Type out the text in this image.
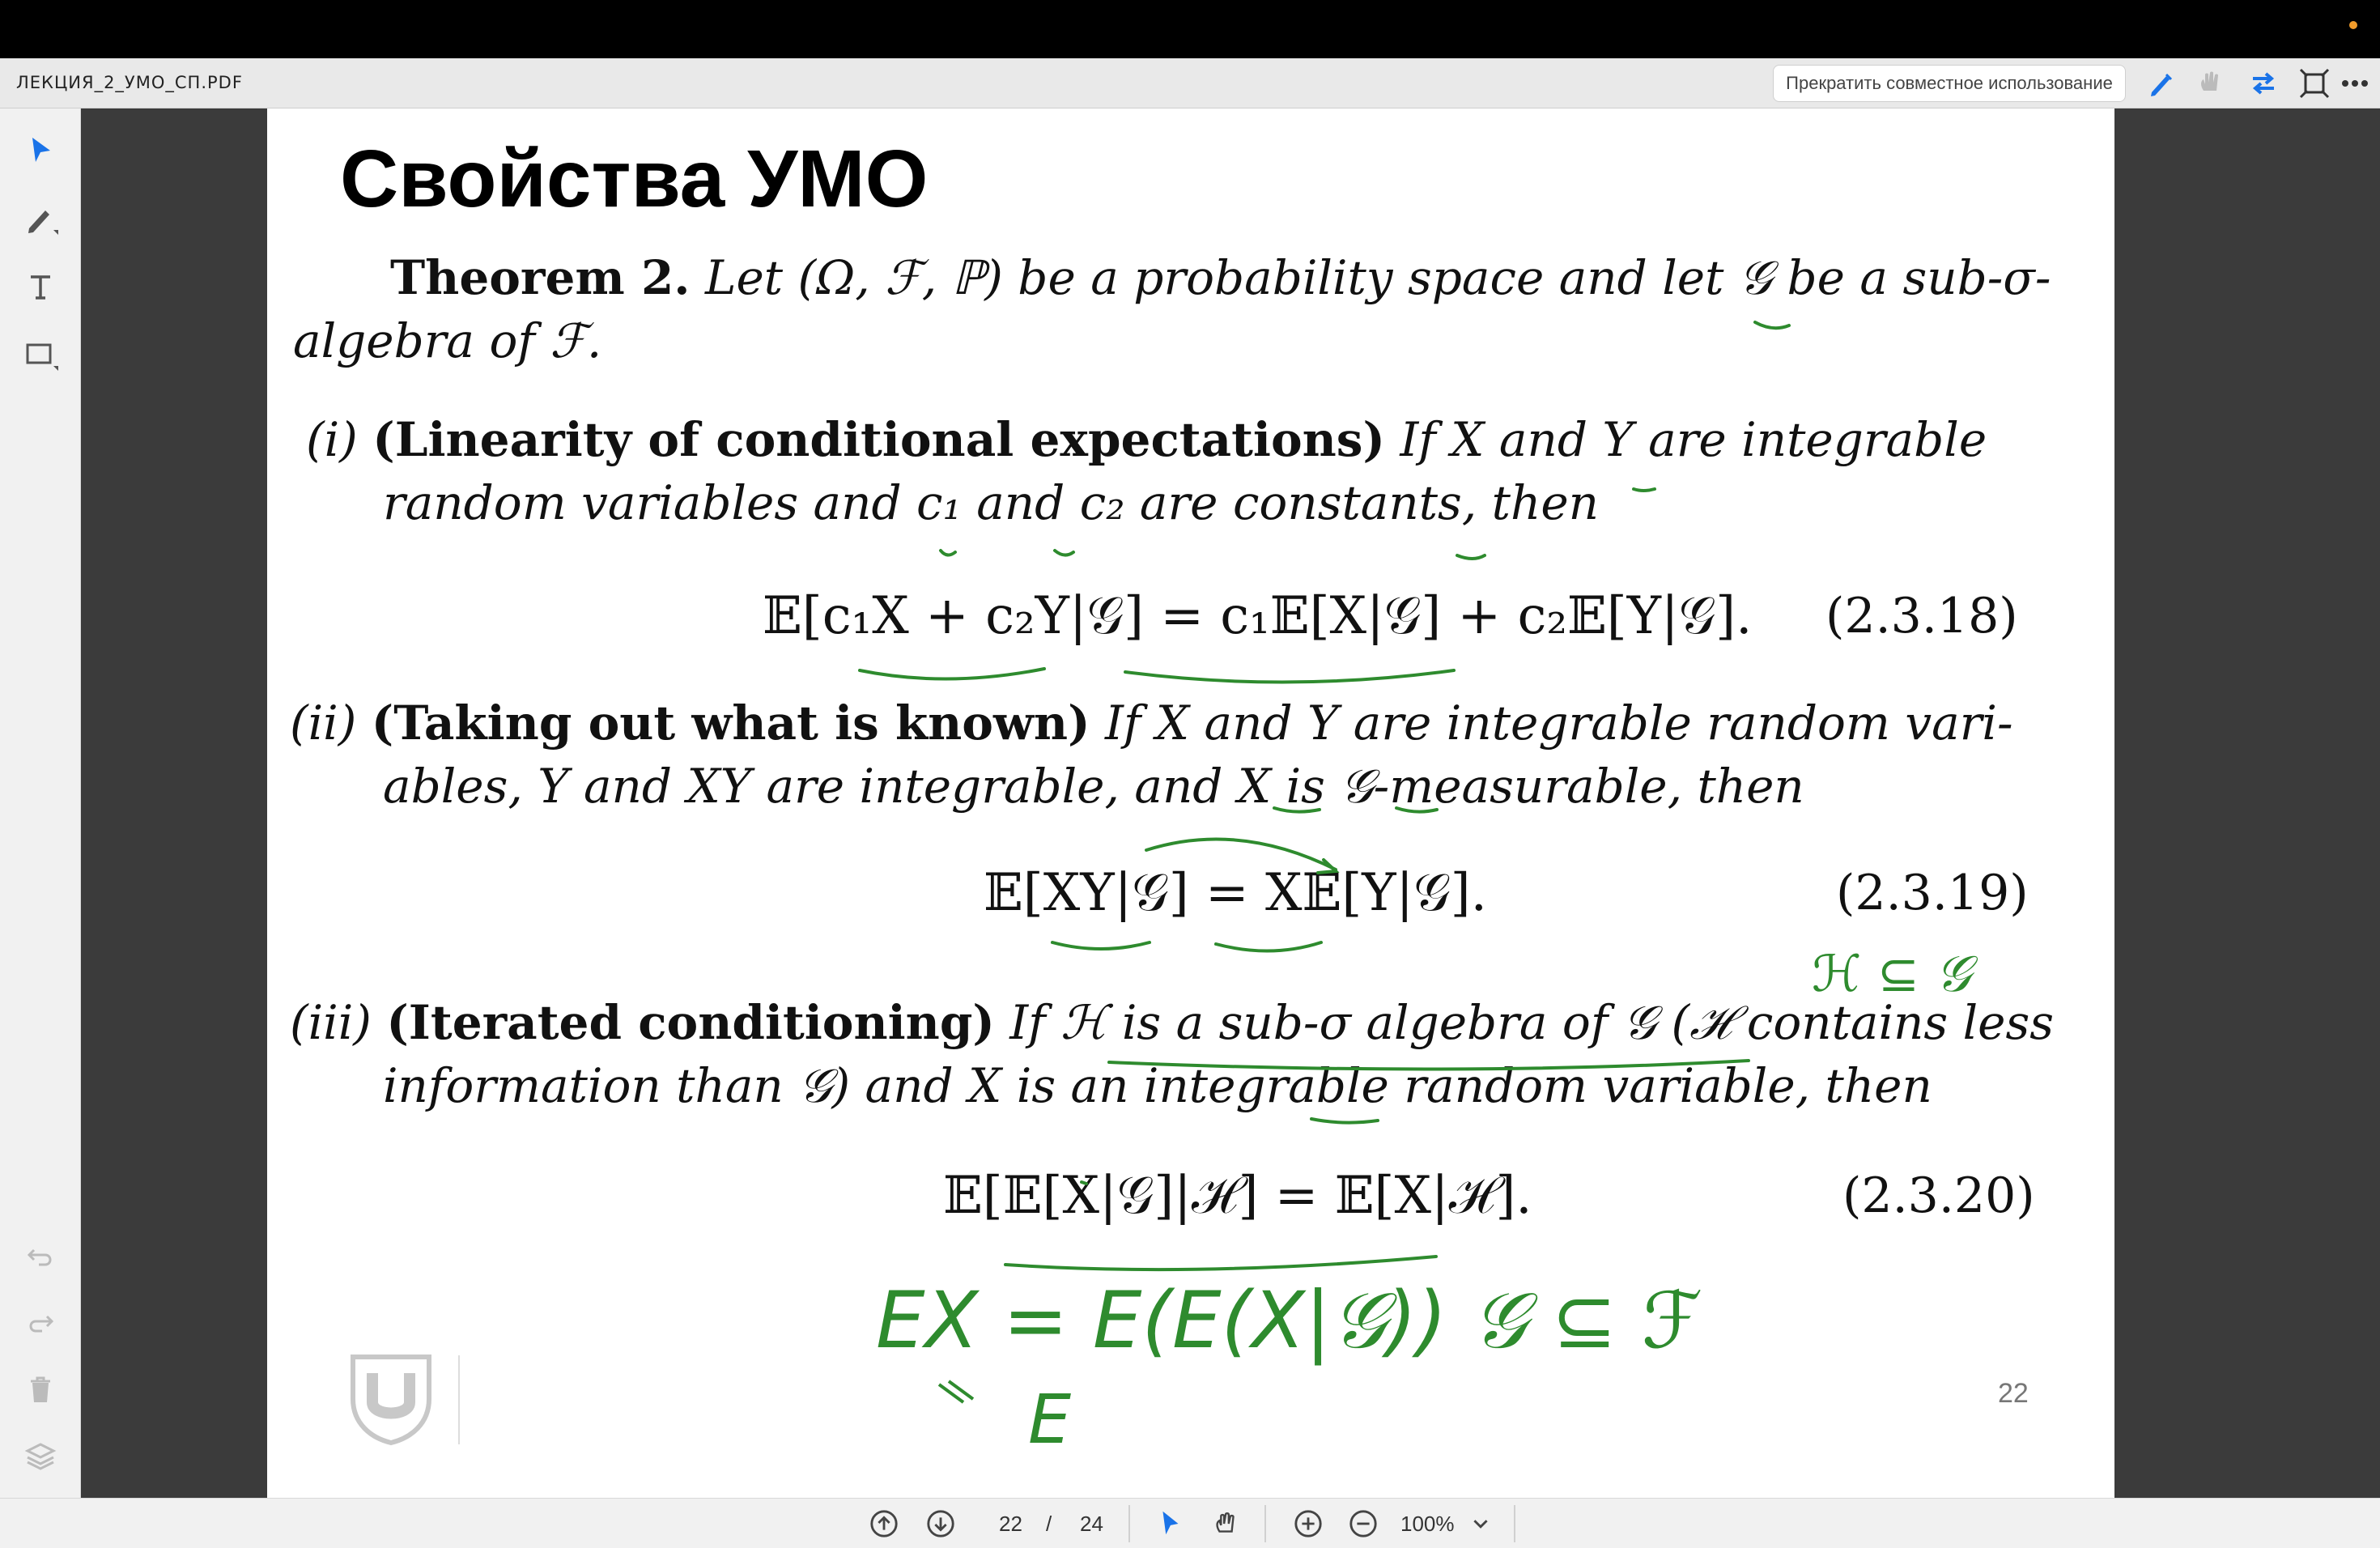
ЛЕКЦИЯ_2_УМО_СП.PDF	Прекратить совместное использование
Свойства УМО
Theorem 2. Let (Ω, ℱ, ℙ) be a probability space and let 𝒢 be a sub-σ-
algebra of ℱ.
(i) (Linearity of conditional expectations) If X and Y are integrable
random variables and c₁ and c₂ are constants, then
𝔼[c₁X + c₂Y|𝒢] = c₁𝔼[X|𝒢] + c₂𝔼[Y|𝒢]. (2.3.18)
(ii) (Taking out what is known) If X and Y are integrable random vari-
ables, Y and XY are integrable, and X is 𝒢-measurable, then
𝔼[XY|𝒢] = X𝔼[Y|𝒢].	(2.3.19)
(iii) (Iterated conditioning) If ℋ is a sub-σ algebra of 𝒢 (ℋ contains less
information than 𝒢) and X is an integrable random variable, then
𝔼[𝔼[X|𝒢]|ℋ] = 𝔼[X|ℋ].	(2.3.20)
ℋ ⊆ 𝒢
EX = E(E(X|𝒢)) 𝒢 ⊆ ℱ
E	22
22 / 24	100%
